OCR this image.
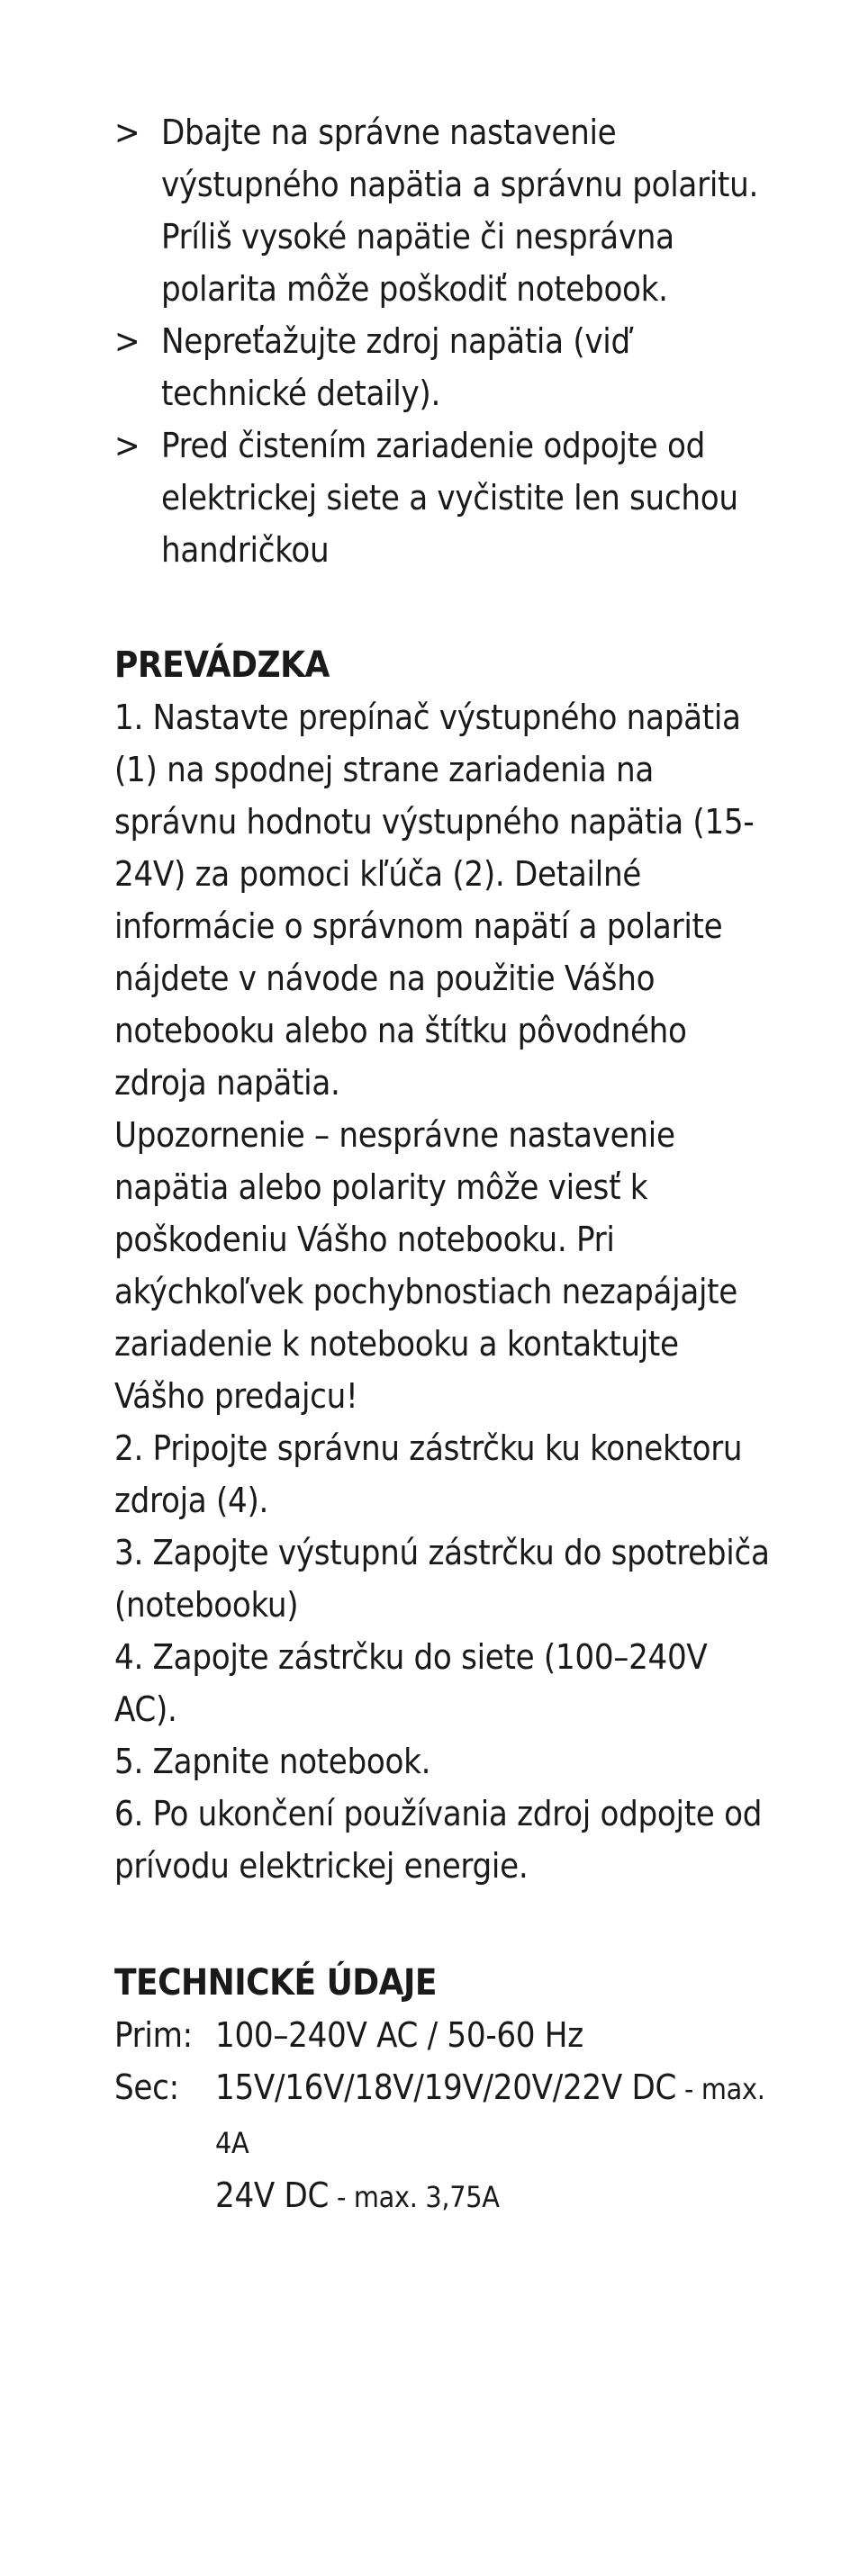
> Dbajte na správne nastavenie výstupného napätia a správnu polaritu. Príliš vysoké napätie či nesprávna polarita môže poškodiť notebook.
> Nepreťažujte zdroj napätia (viď technické detaily).
> Pred čistením zariadenie odpojte od elektrickej siete a vyčistite len suchou handričkou
PREVÁDZKA

1. Nastavte prepínač výstupného napätia (1) na spodnej strane zariadenia na správnu hodnotu výstupného napätia (15-24V) za pomoci kľúča (2). Detailné informácie o správnom napätí a polarite nájdete v návode na použitie Vášho notebooku alebo na štítku pôvodného zdroja napätia.

Upozornenie – nesprávne nastavenie napätia alebo polarity môže viesť k poškodeniu Vášho notebooku. Pri akýchkoľvek pochybnostiach nezapájajte zariadenie k notebooku a kontaktujte Vášho predajcu!

2. Pripojte správnu zástrčku ku konektoru zdroja (4).

3. Zapojte výstupnú zástrčku do spotrebiča (notebooku)

4. Zapojte zástrčku do siete (100–240V AC).

5. Zapnite notebook.

6. Po ukončení používania zdroj odpojte od prívodu elektrickej energie.

TECHNICKÉ ÚDAJE
Prim: 100–240V AC / 50-60 Hz
Sec:	15V/16V/18V/19V/20V/22V DC - max. 4A
24V DC - max. 3,75A
